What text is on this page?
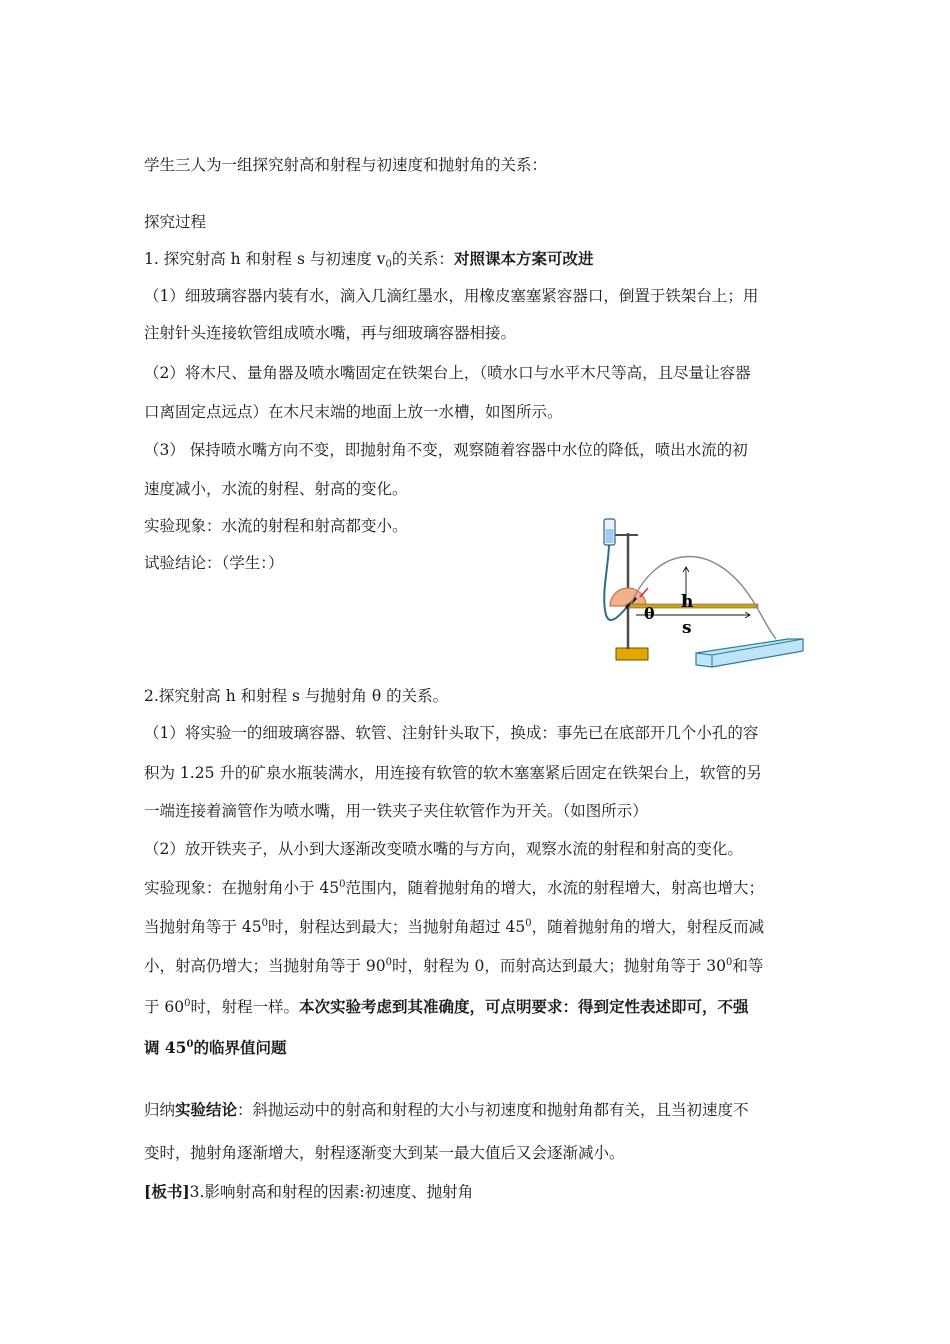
学生三人为一组探究射高和射程与初速度和抛射角的关系：
探究过程
1. 探究射高 h 和射程 s 与初速度 $v_0$的关系：对照课本方案可改进
（1）细玻璃容器内装有水，滴入几滴红墨水，用橡皮塞塞紧容器口，倒置于铁架台上；用
注射针头连接软管组成喷水嘴，再与细玻璃容器相接。
（2）将木尺、量角器及喷水嘴固定在铁架台上，（喷水口与水平木尺等高，且尽量让容器
口离固定点远点）在木尺末端的地面上放一水槽，如图所示。
（3） 保持喷水嘴方向不变，即抛射角不变，观察随着容器中水位的降低，喷出水流的初
速度减小，水流的射程、射高的变化。
实验现象：水流的射程和射高都变小。
试验结论：（学生：）
θ
h
s
2.探究射高 h 和射程 s 与抛射角 θ 的关系。
（1）将实验一的细玻璃容器、软管、注射针头取下，换成：事先已在底部开几个小孔的容
积为 1.25 升的矿泉水瓶装满水，用连接有软管的软木塞塞紧后固定在铁架台上，软管的另
一端连接着滴管作为喷水嘴，用一铁夹子夹住软管作为开关。（如图所示）
（2）放开铁夹子，从小到大逐渐改变喷水嘴的与方向，观察水流的射程和射高的变化。
实验现象：在抛射角小于 $45^0$范围内，随着抛射角的增大，水流的射程增大，射高也增大；
当抛射角等于 $45^0$时，射程达到最大；当抛射角超过 $45^0$，随着抛射角的增大，射程反而减
小，射高仍增大；当抛射角等于 $90^0$时，射程为 0，而射高达到最大；抛射角等于 $30^0$和等
于 $60^0$时，射程一样。本次实验考虑到其准确度，可点明要求：得到定性表述即可，不强
调 $45^0$的临界值问题
归纳实验结论：斜抛运动中的射高和射程的大小与初速度和抛射角都有关，且当初速度不
变时，抛射角逐渐增大，射程逐渐变大到某一最大值后又会逐渐减小。
[板书]3.影响射高和射程的因素:初速度、抛射角
